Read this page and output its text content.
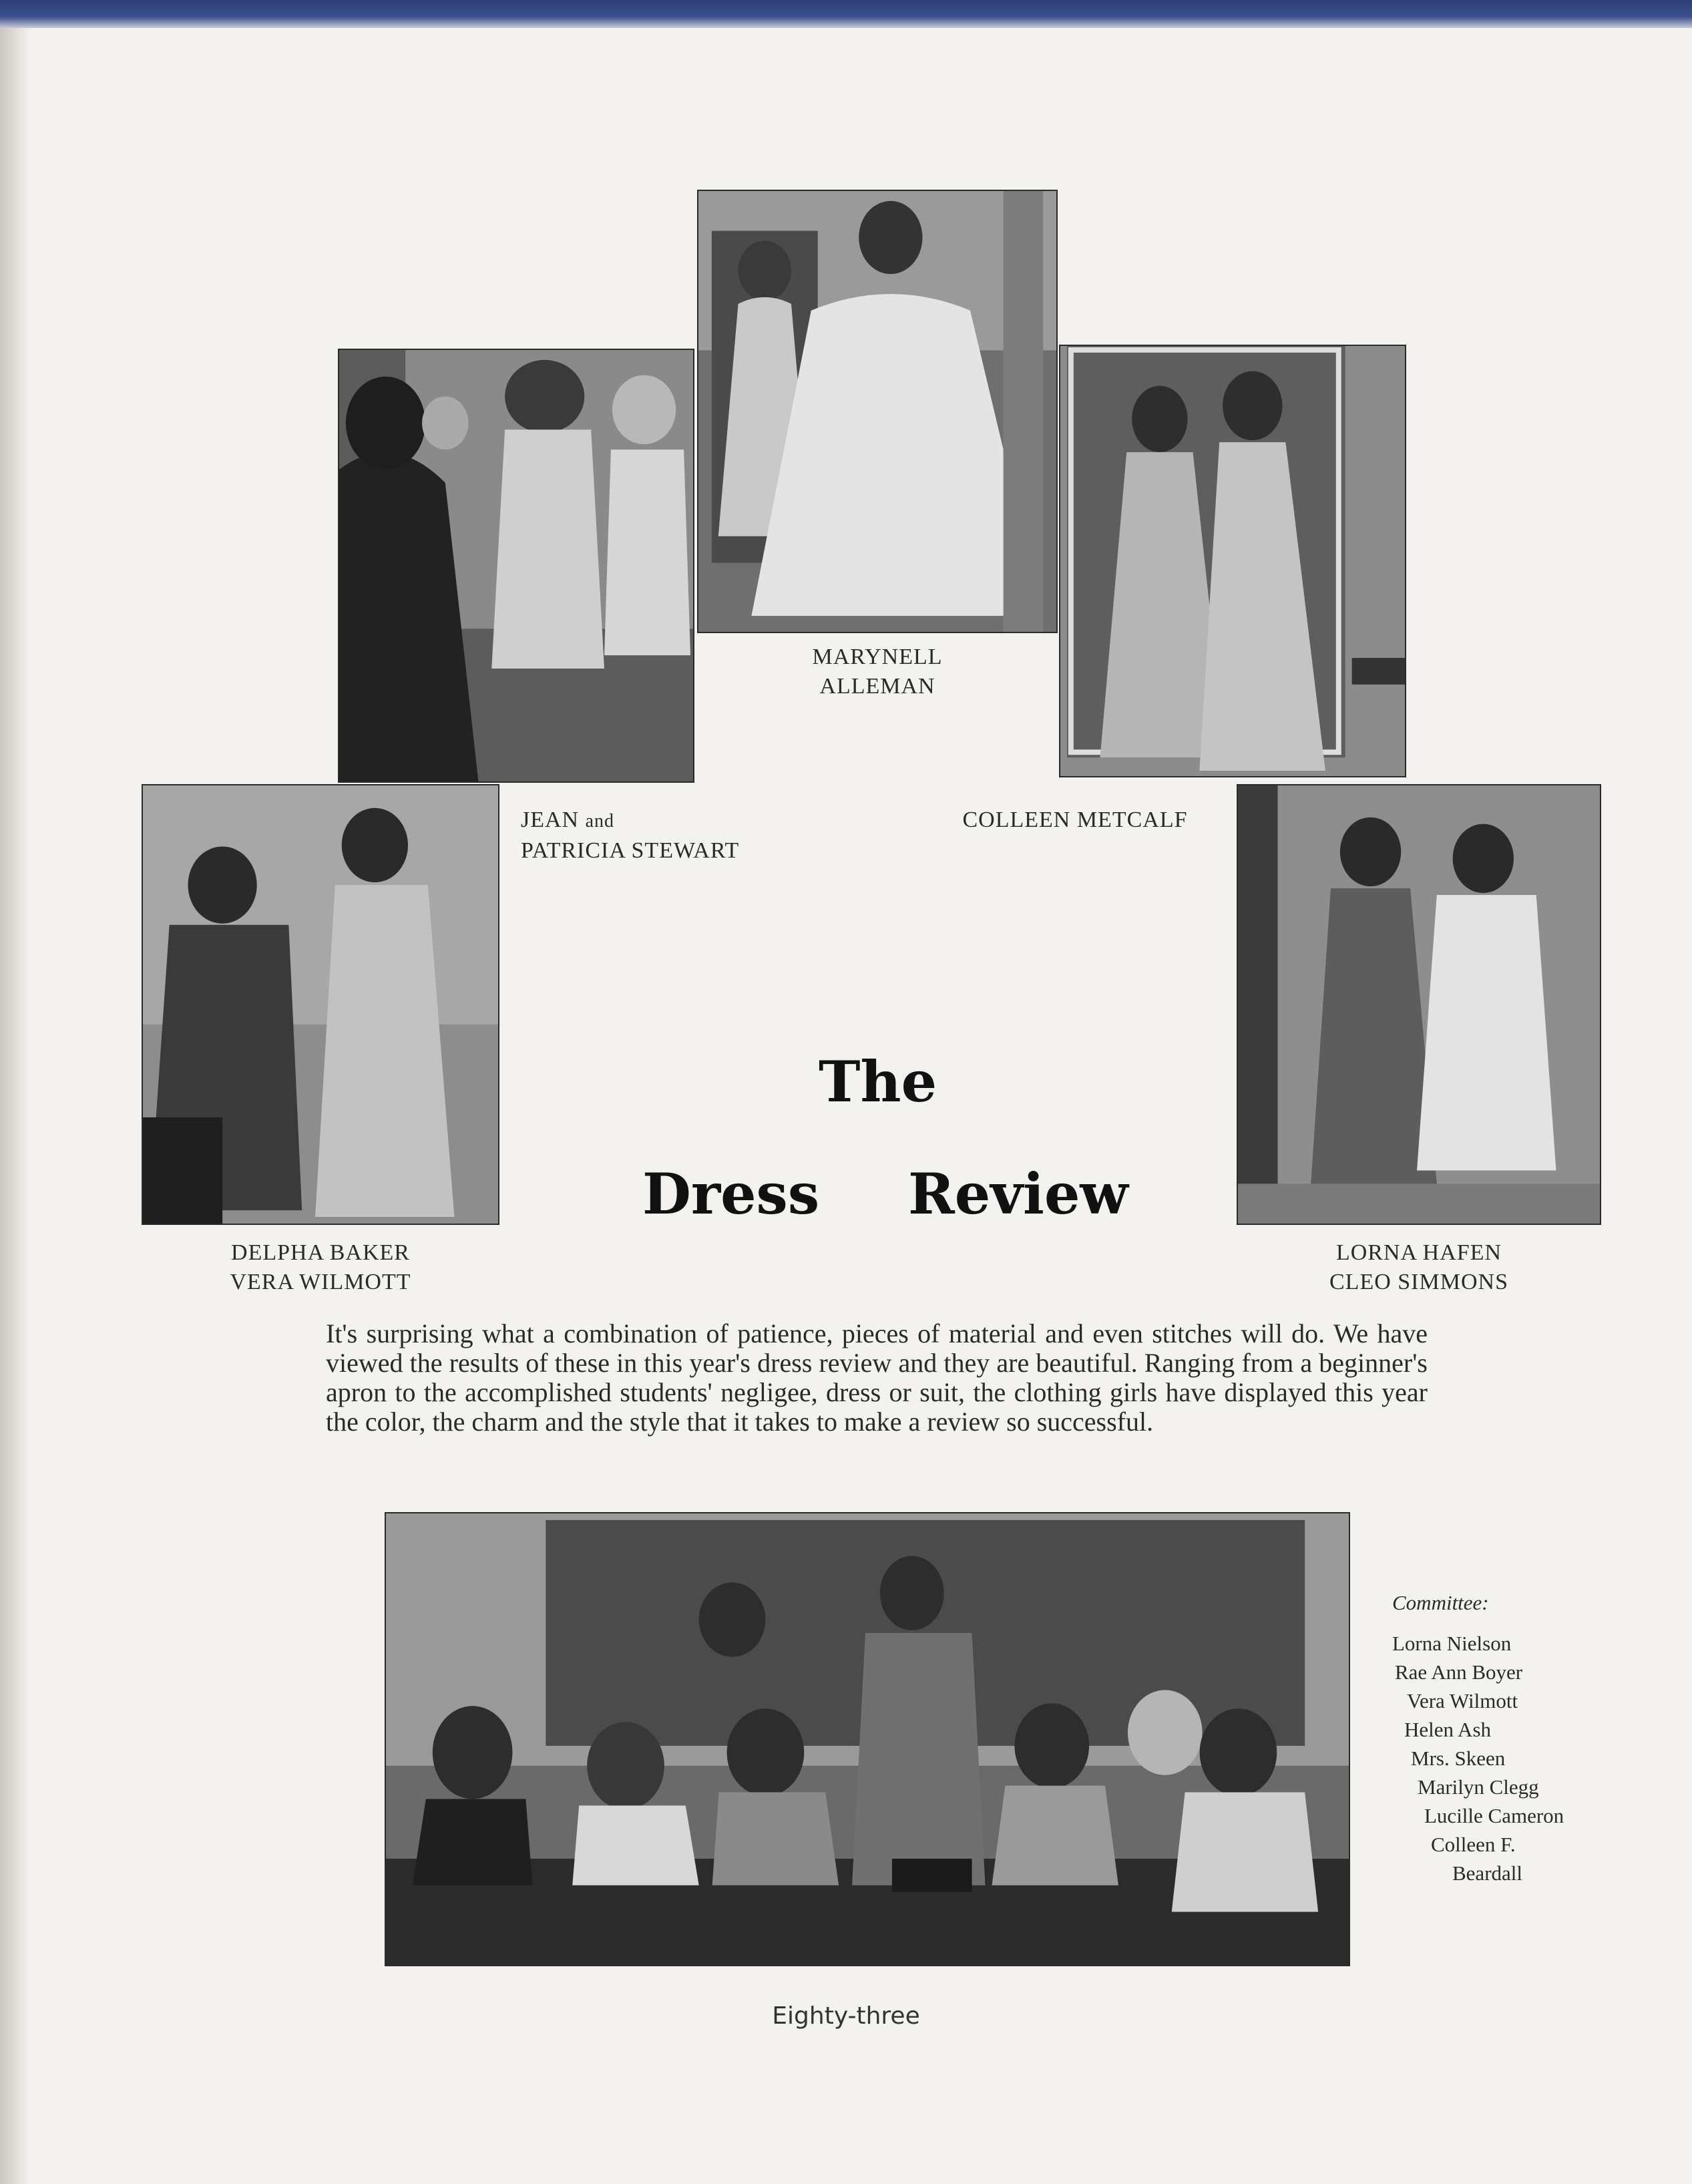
MARYNELL
ALLEMAN
JEAN and
PATRICIA STEWART
COLLEEN METCALF
DELPHA BAKER
VERA WILMOTT
LORNA HAFEN
CLEO SIMMONS
The
Dress Review
It's surprising what a combination of patience, pieces of material and even stitches will do. We have viewed the results of these in this year's dress review and they are beautiful. Ranging from a beginner's apron to the accomplished students' negligee, dress or suit, the clothing girls have displayed this year the color, the charm and the style that it takes to make a review so successful.
Committee:
Lorna Nielson
Rae Ann Boyer
Vera Wilmott
Helen Ash
Mrs. Skeen
Marilyn Clegg
Lucille Cameron
Colleen F.
Beardall
Eighty-three
